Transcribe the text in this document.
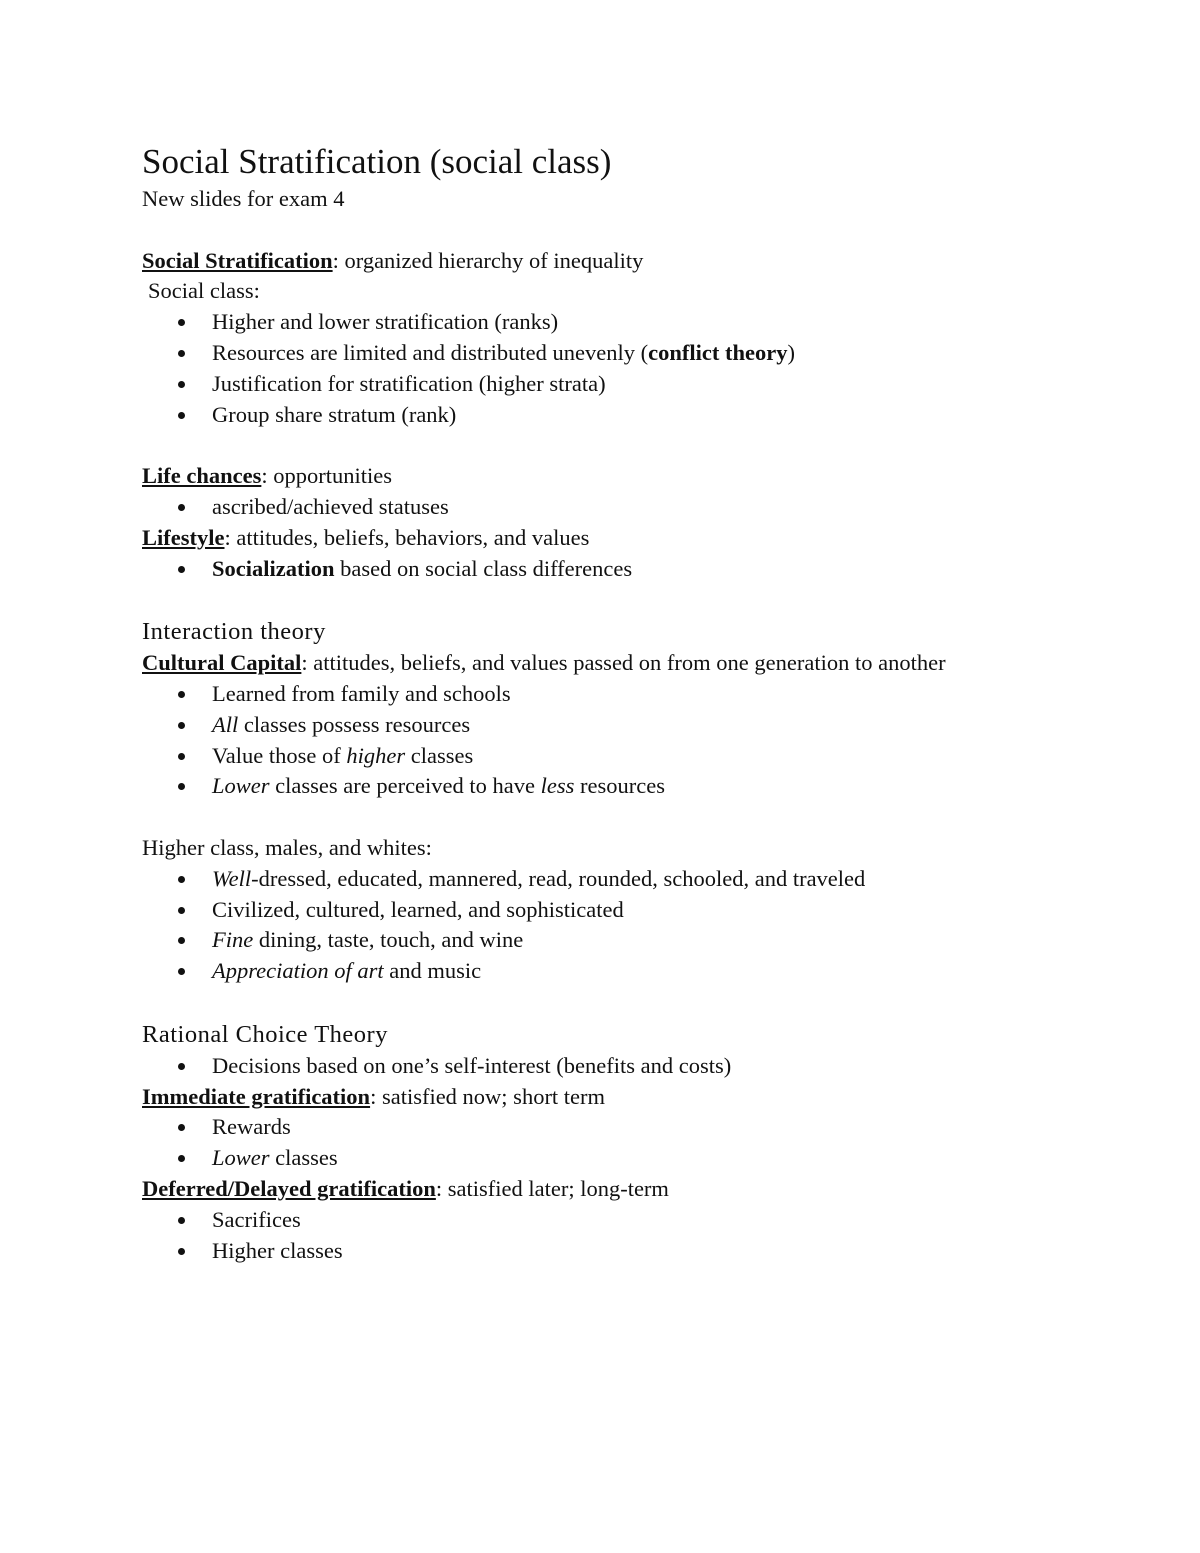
Social Stratification (social class)

New slides for exam 4

Social Stratification: organized hierarchy of inequality

Social class:

Higher and lower stratification (ranks)
Resources are limited and distributed unevenly (conflict theory)
Justification for stratification (higher strata)
Group share stratum (rank)

Life chances: opportunities

ascribed/achieved statuses

Lifestyle: attitudes, beliefs, behaviors, and values

Socialization based on social class differences
Interaction theory

Cultural Capital: attitudes, beliefs, and values passed on from one generation to another

Learned from family and schools
All classes possess resources
Value those of higher classes
Lower classes are perceived to have less resources

Higher class, males, and whites:

Well-dressed, educated, mannered, read, rounded, schooled, and traveled
Civilized, cultured, learned, and sophisticated
Fine dining, taste, touch, and wine
Appreciation of art and music
Rational Choice Theory
Decisions based on one’s self-interest (benefits and costs)

Immediate gratification: satisfied now; short term

Rewards
Lower classes

Deferred/Delayed gratification: satisfied later; long-term

Sacrifices
Higher classes
